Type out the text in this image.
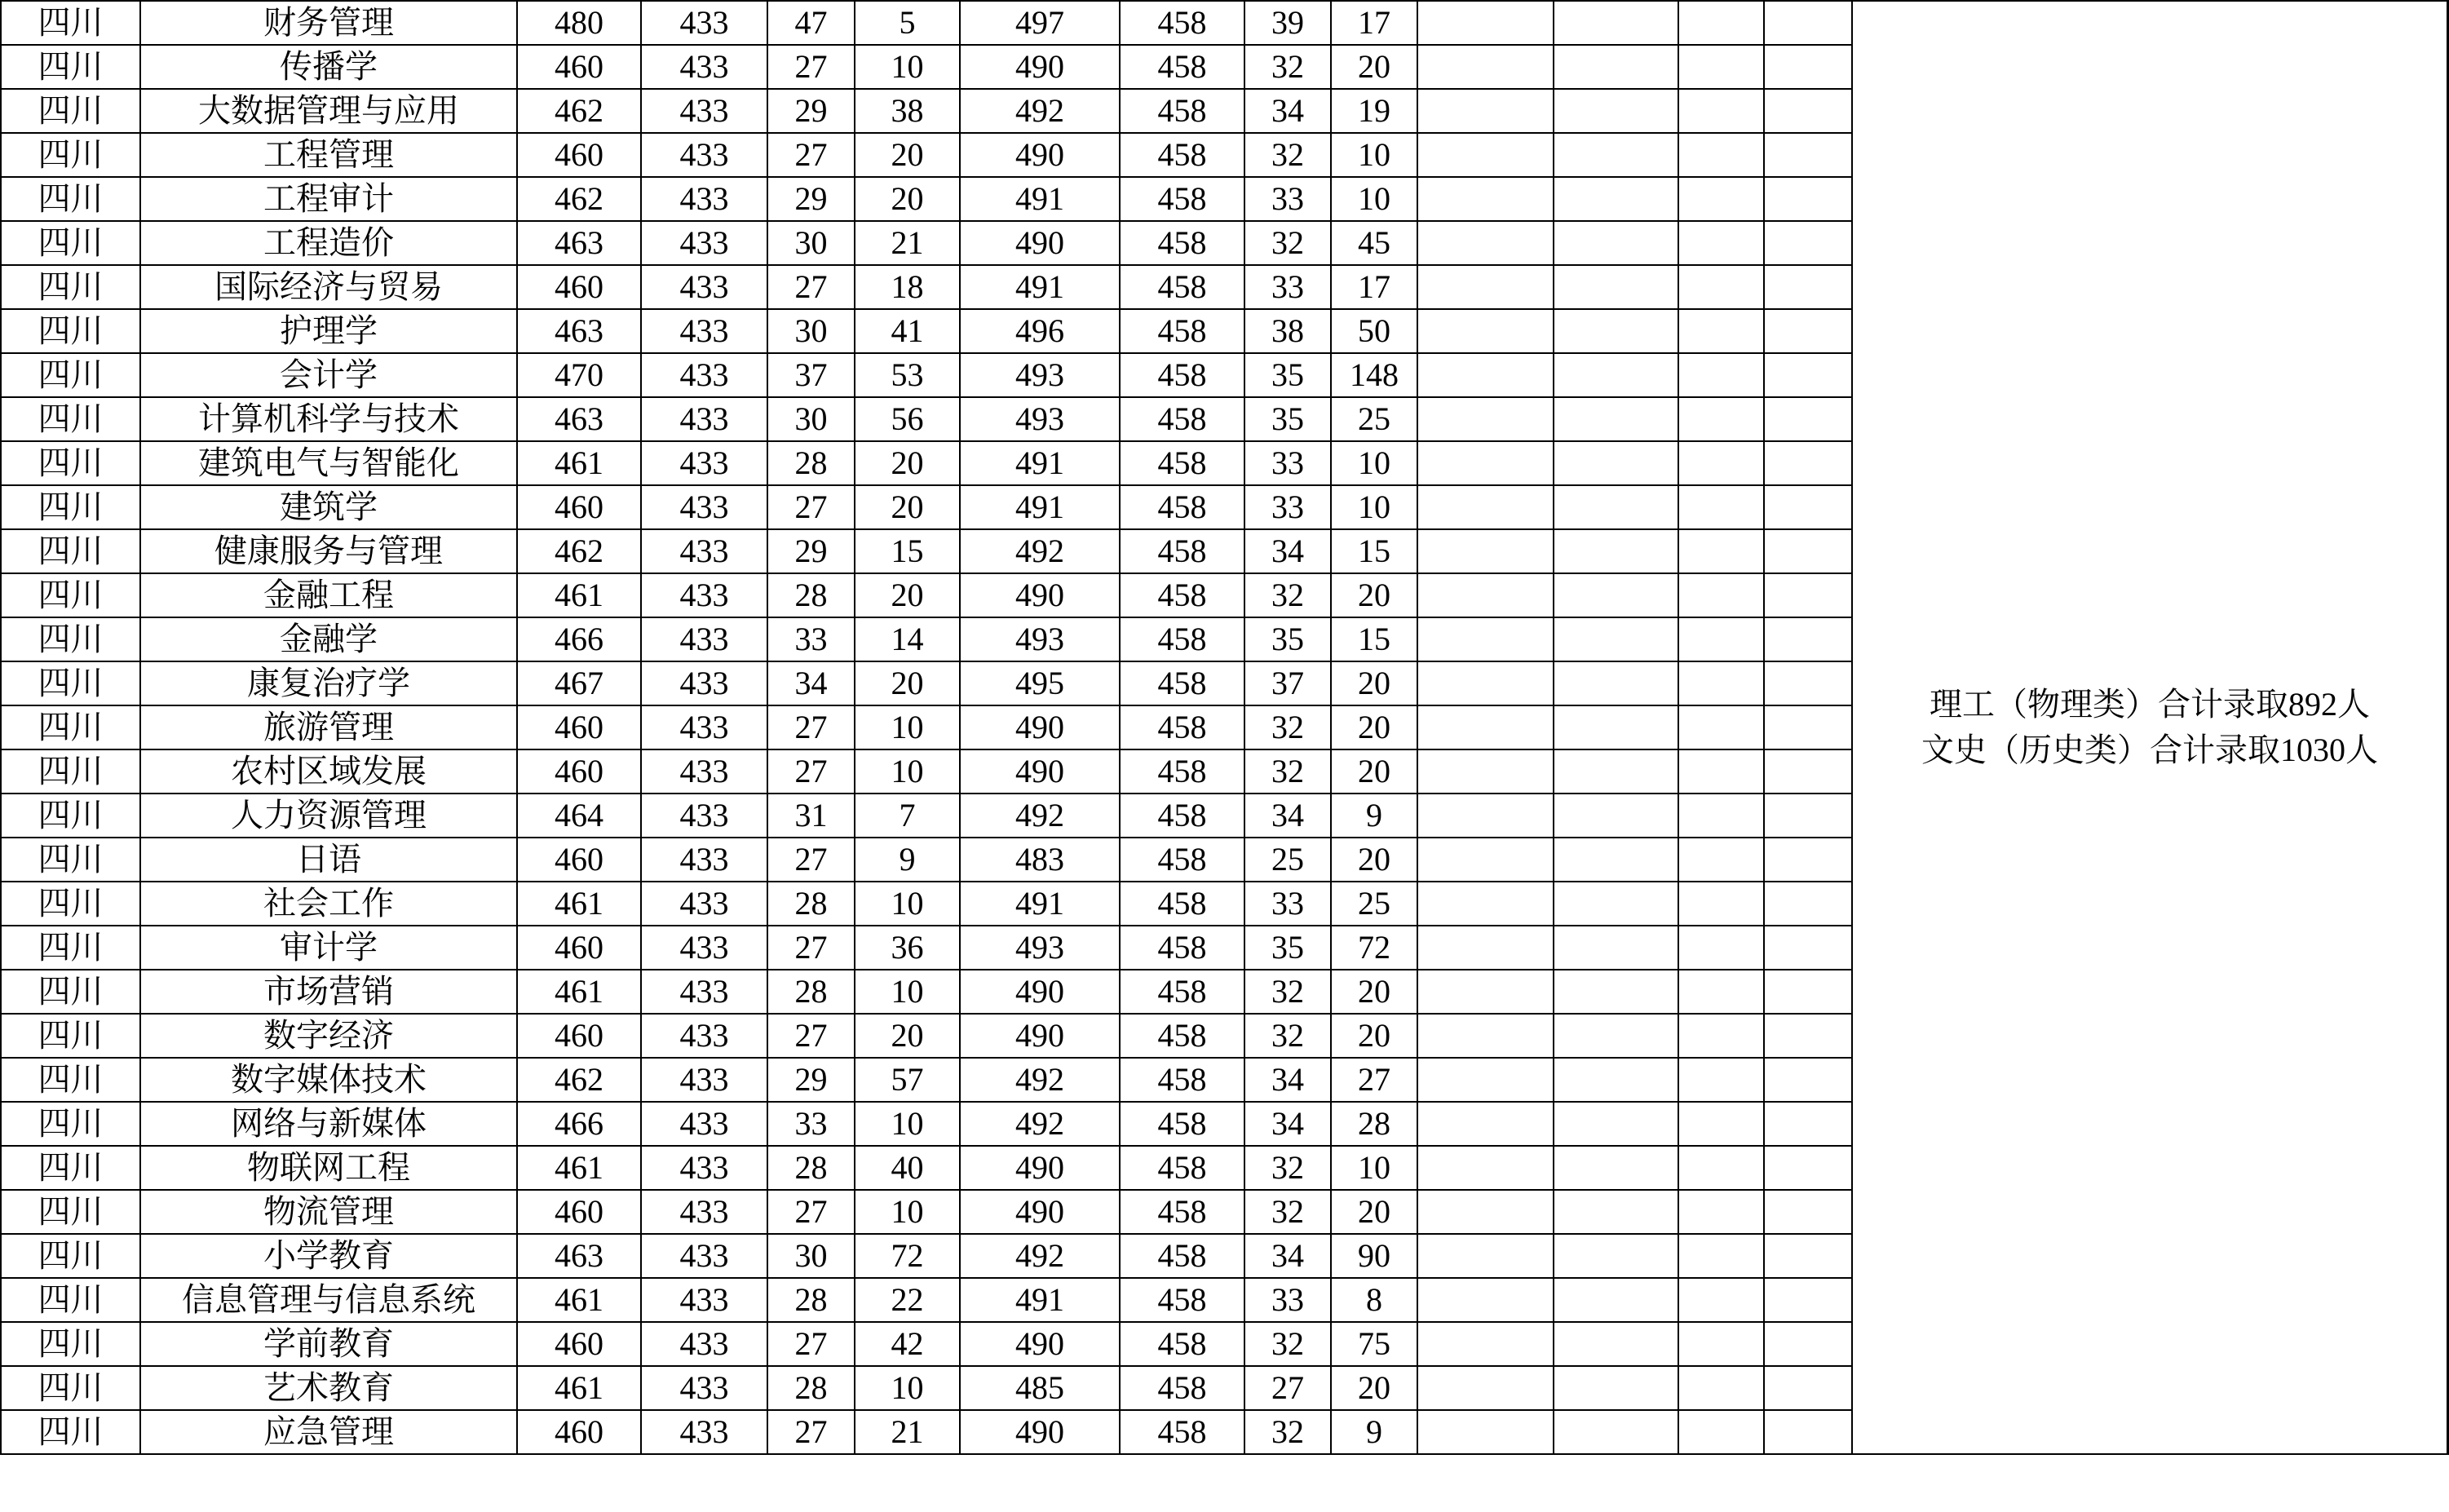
四川	财务管理	480	433	47	5	497	458	39	17					理工（物理类）合计录取892人
文史（历史类）合计录取1030人

四川	传播学	460	433	27	10	490	458	32	20					
四川	大数据管理与应用	462	433	29	38	492	458	34	19					
四川	工程管理	460	433	27	20	490	458	32	10					
四川	工程审计	462	433	29	20	491	458	33	10					
四川	工程造价	463	433	30	21	490	458	32	45					
四川	国际经济与贸易	460	433	27	18	491	458	33	17					
四川	护理学	463	433	30	41	496	458	38	50					
四川	会计学	470	433	37	53	493	458	35	148					
四川	计算机科学与技术	463	433	30	56	493	458	35	25					
四川	建筑电气与智能化	461	433	28	20	491	458	33	10					
四川	建筑学	460	433	27	20	491	458	33	10					
四川	健康服务与管理	462	433	29	15	492	458	34	15					
四川	金融工程	461	433	28	20	490	458	32	20					
四川	金融学	466	433	33	14	493	458	35	15					
四川	康复治疗学	467	433	34	20	495	458	37	20					
四川	旅游管理	460	433	27	10	490	458	32	20					
四川	农村区域发展	460	433	27	10	490	458	32	20					
四川	人力资源管理	464	433	31	7	492	458	34	9					
四川	日语	460	433	27	9	483	458	25	20					
四川	社会工作	461	433	28	10	491	458	33	25					
四川	审计学	460	433	27	36	493	458	35	72					
四川	市场营销	461	433	28	10	490	458	32	20					
四川	数字经济	460	433	27	20	490	458	32	20					
四川	数字媒体技术	462	433	29	57	492	458	34	27					
四川	网络与新媒体	466	433	33	10	492	458	34	28					
四川	物联网工程	461	433	28	40	490	458	32	10					
四川	物流管理	460	433	27	10	490	458	32	20					
四川	小学教育	463	433	30	72	492	458	34	90					
四川	信息管理与信息系统	461	433	28	22	491	458	33	8					
四川	学前教育	460	433	27	42	490	458	32	75					
四川	艺术教育	461	433	28	10	485	458	27	20					
四川	应急管理	460	433	27	21	490	458	32	9					
